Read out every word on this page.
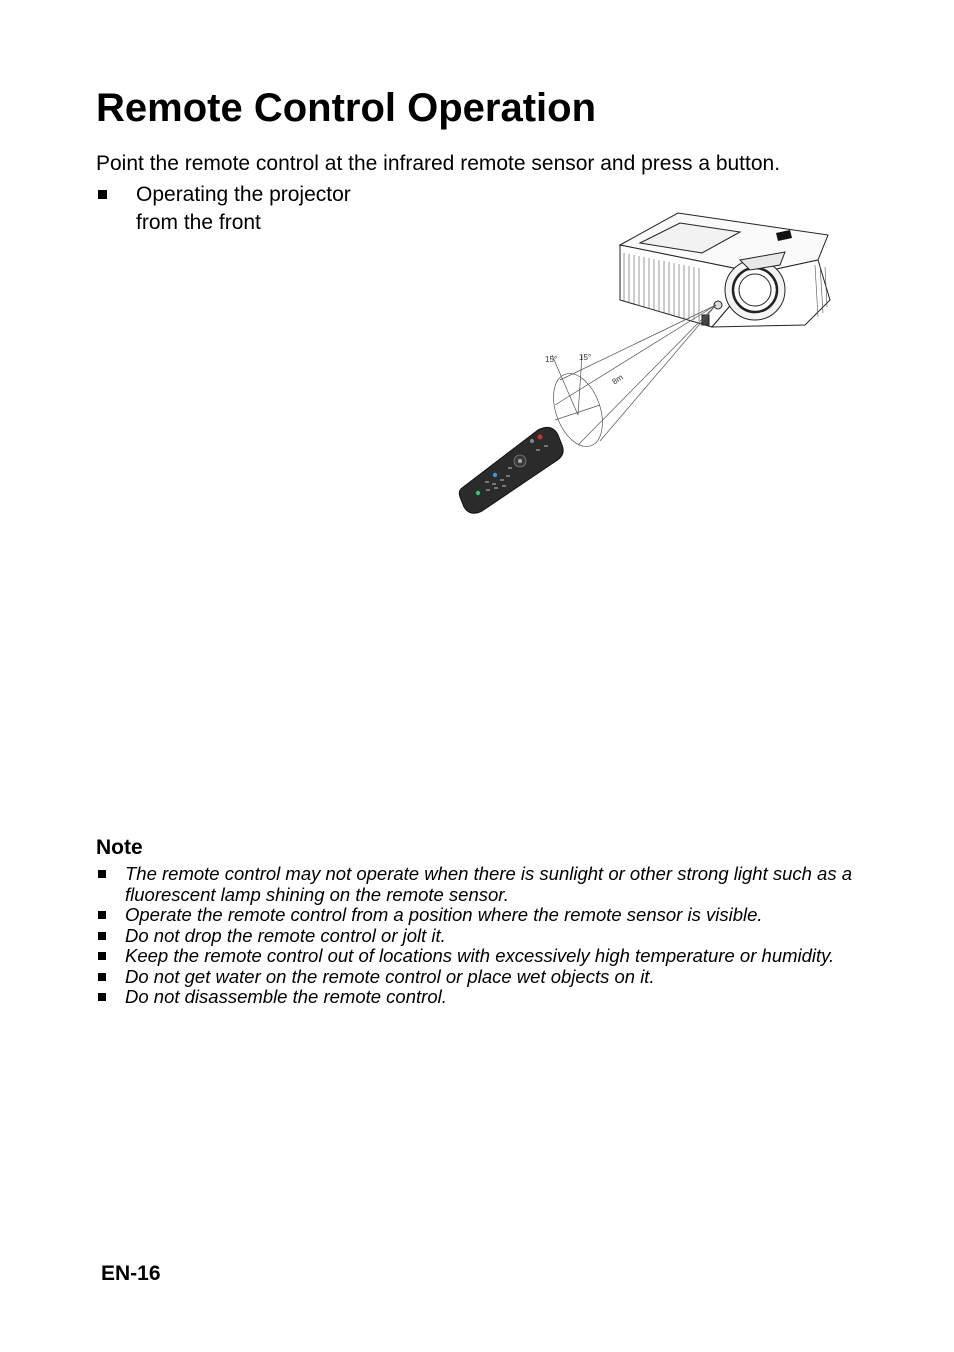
Remote Control Operation
Point the remote control at the infrared remote sensor and press a button.
Operating the projector
from the front
15°	15°
8m
Note
The remote control may not operate when there is sunlight or other strong light such as a fluorescent lamp shining on the remote sensor.
Operate the remote control from a position where the remote sensor is visible.
Do not drop the remote control or jolt it.
Keep the remote control out of locations with excessively high temperature or humidity.
Do not get water on the remote control or place wet objects on it.
Do not disassemble the remote control.
EN-16
